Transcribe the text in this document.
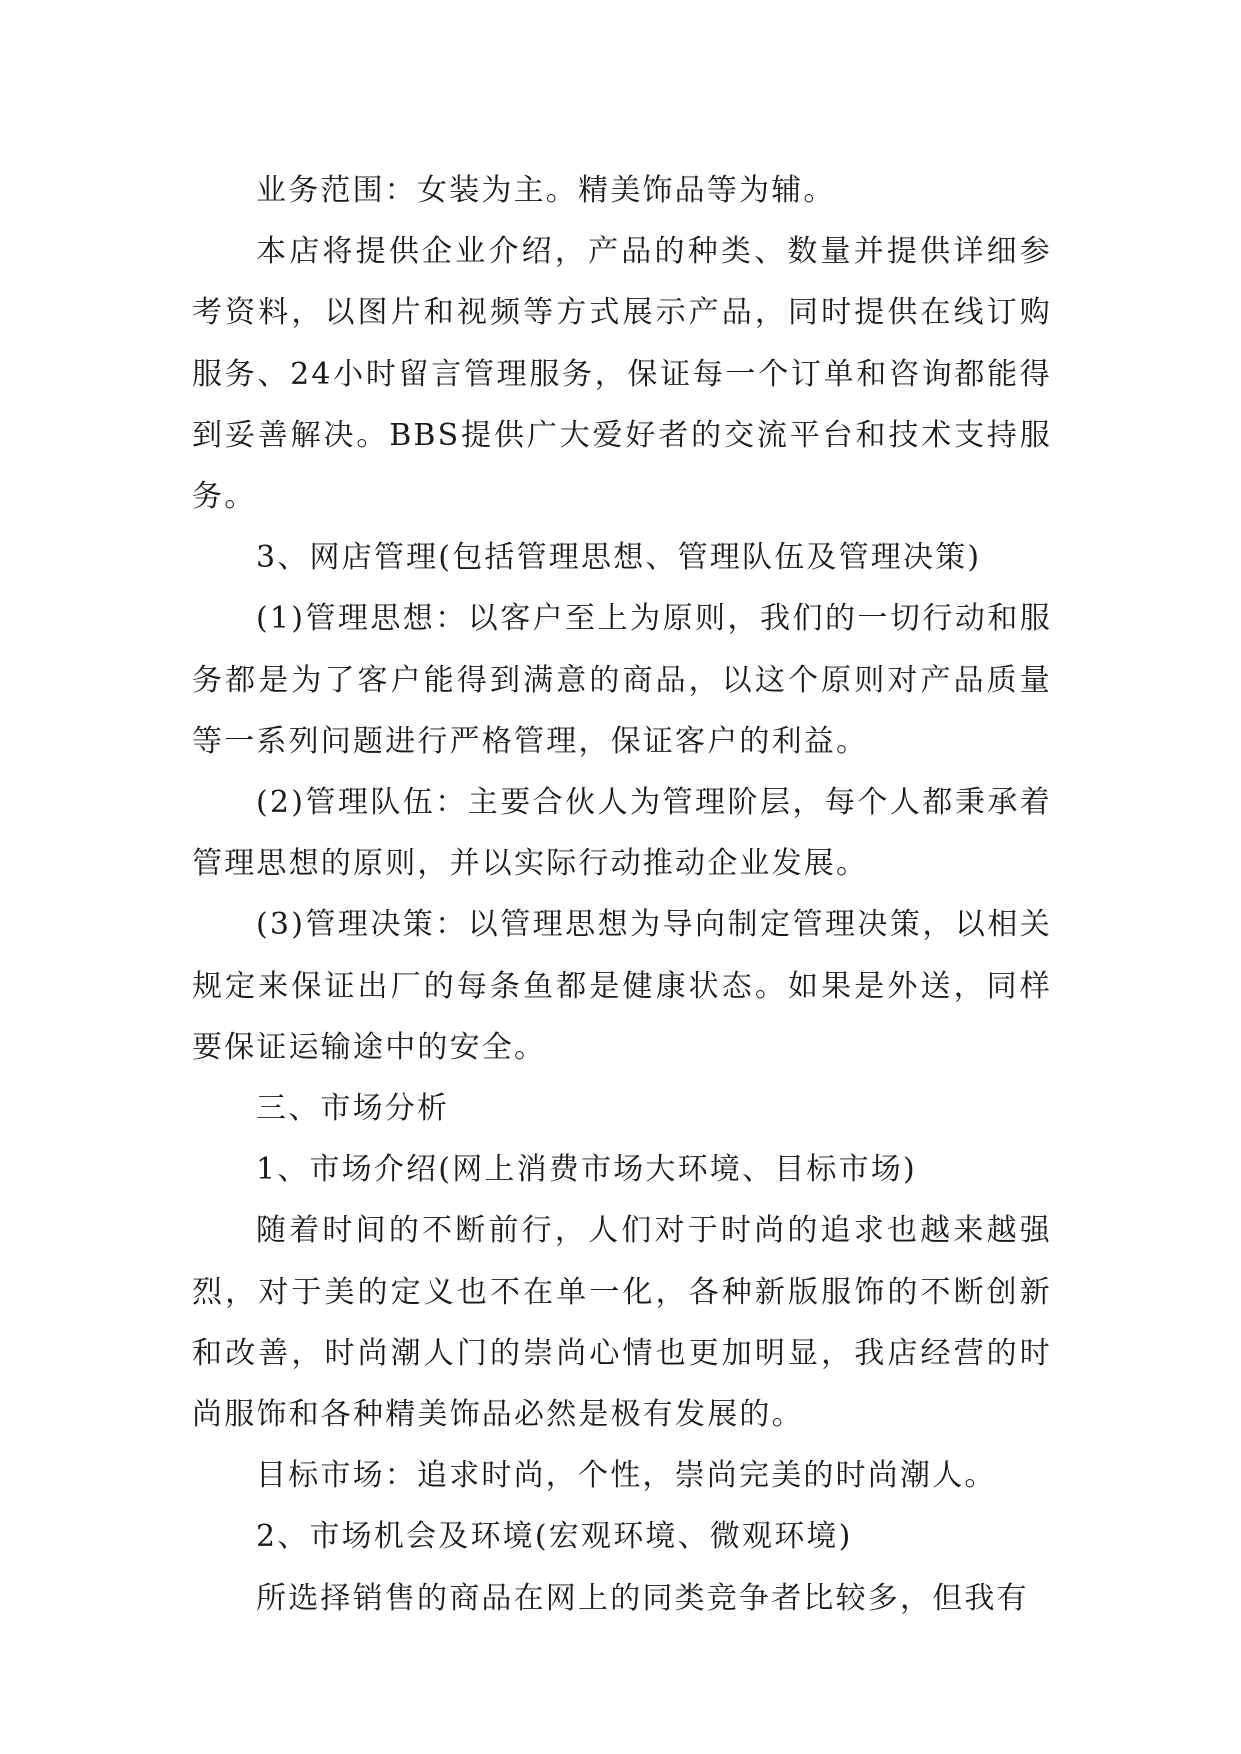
业务范围：女装为主。精美饰品等为辅。

本店将提供企业介绍，产品的种类、数量并提供详细参考资料，以图片和视频等方式展示产品，同时提供在线订购服务、24小时留言管理服务，保证每一个订单和咨询都能得到妥善解决。BBS提供广大爱好者的交流平台和技术支持服务。

3、网店管理(包括管理思想、管理队伍及管理决策)

(1)管理思想：以客户至上为原则，我们的一切行动和服务都是为了客户能得到满意的商品，以这个原则对产品质量等一系列问题进行严格管理，保证客户的利益。

(2)管理队伍：主要合伙人为管理阶层，每个人都秉承着管理思想的原则，并以实际行动推动企业发展。

(3)管理决策：以管理思想为导向制定管理决策，以相关规定来保证出厂的每条鱼都是健康状态。如果是外送，同样要保证运输途中的安全。

三、市场分析

1、市场介绍(网上消费市场大环境、目标市场)

随着时间的不断前行，人们对于时尚的追求也越来越强烈，对于美的定义也不在单一化，各种新版服饰的不断创新和改善，时尚潮人门的崇尚心情也更加明显，我店经营的时尚服饰和各种精美饰品必然是极有发展的。

目标市场：追求时尚，个性，崇尚完美的时尚潮人。

2、市场机会及环境(宏观环境、微观环境)

所选择销售的商品在网上的同类竞争者比较多，但我有
